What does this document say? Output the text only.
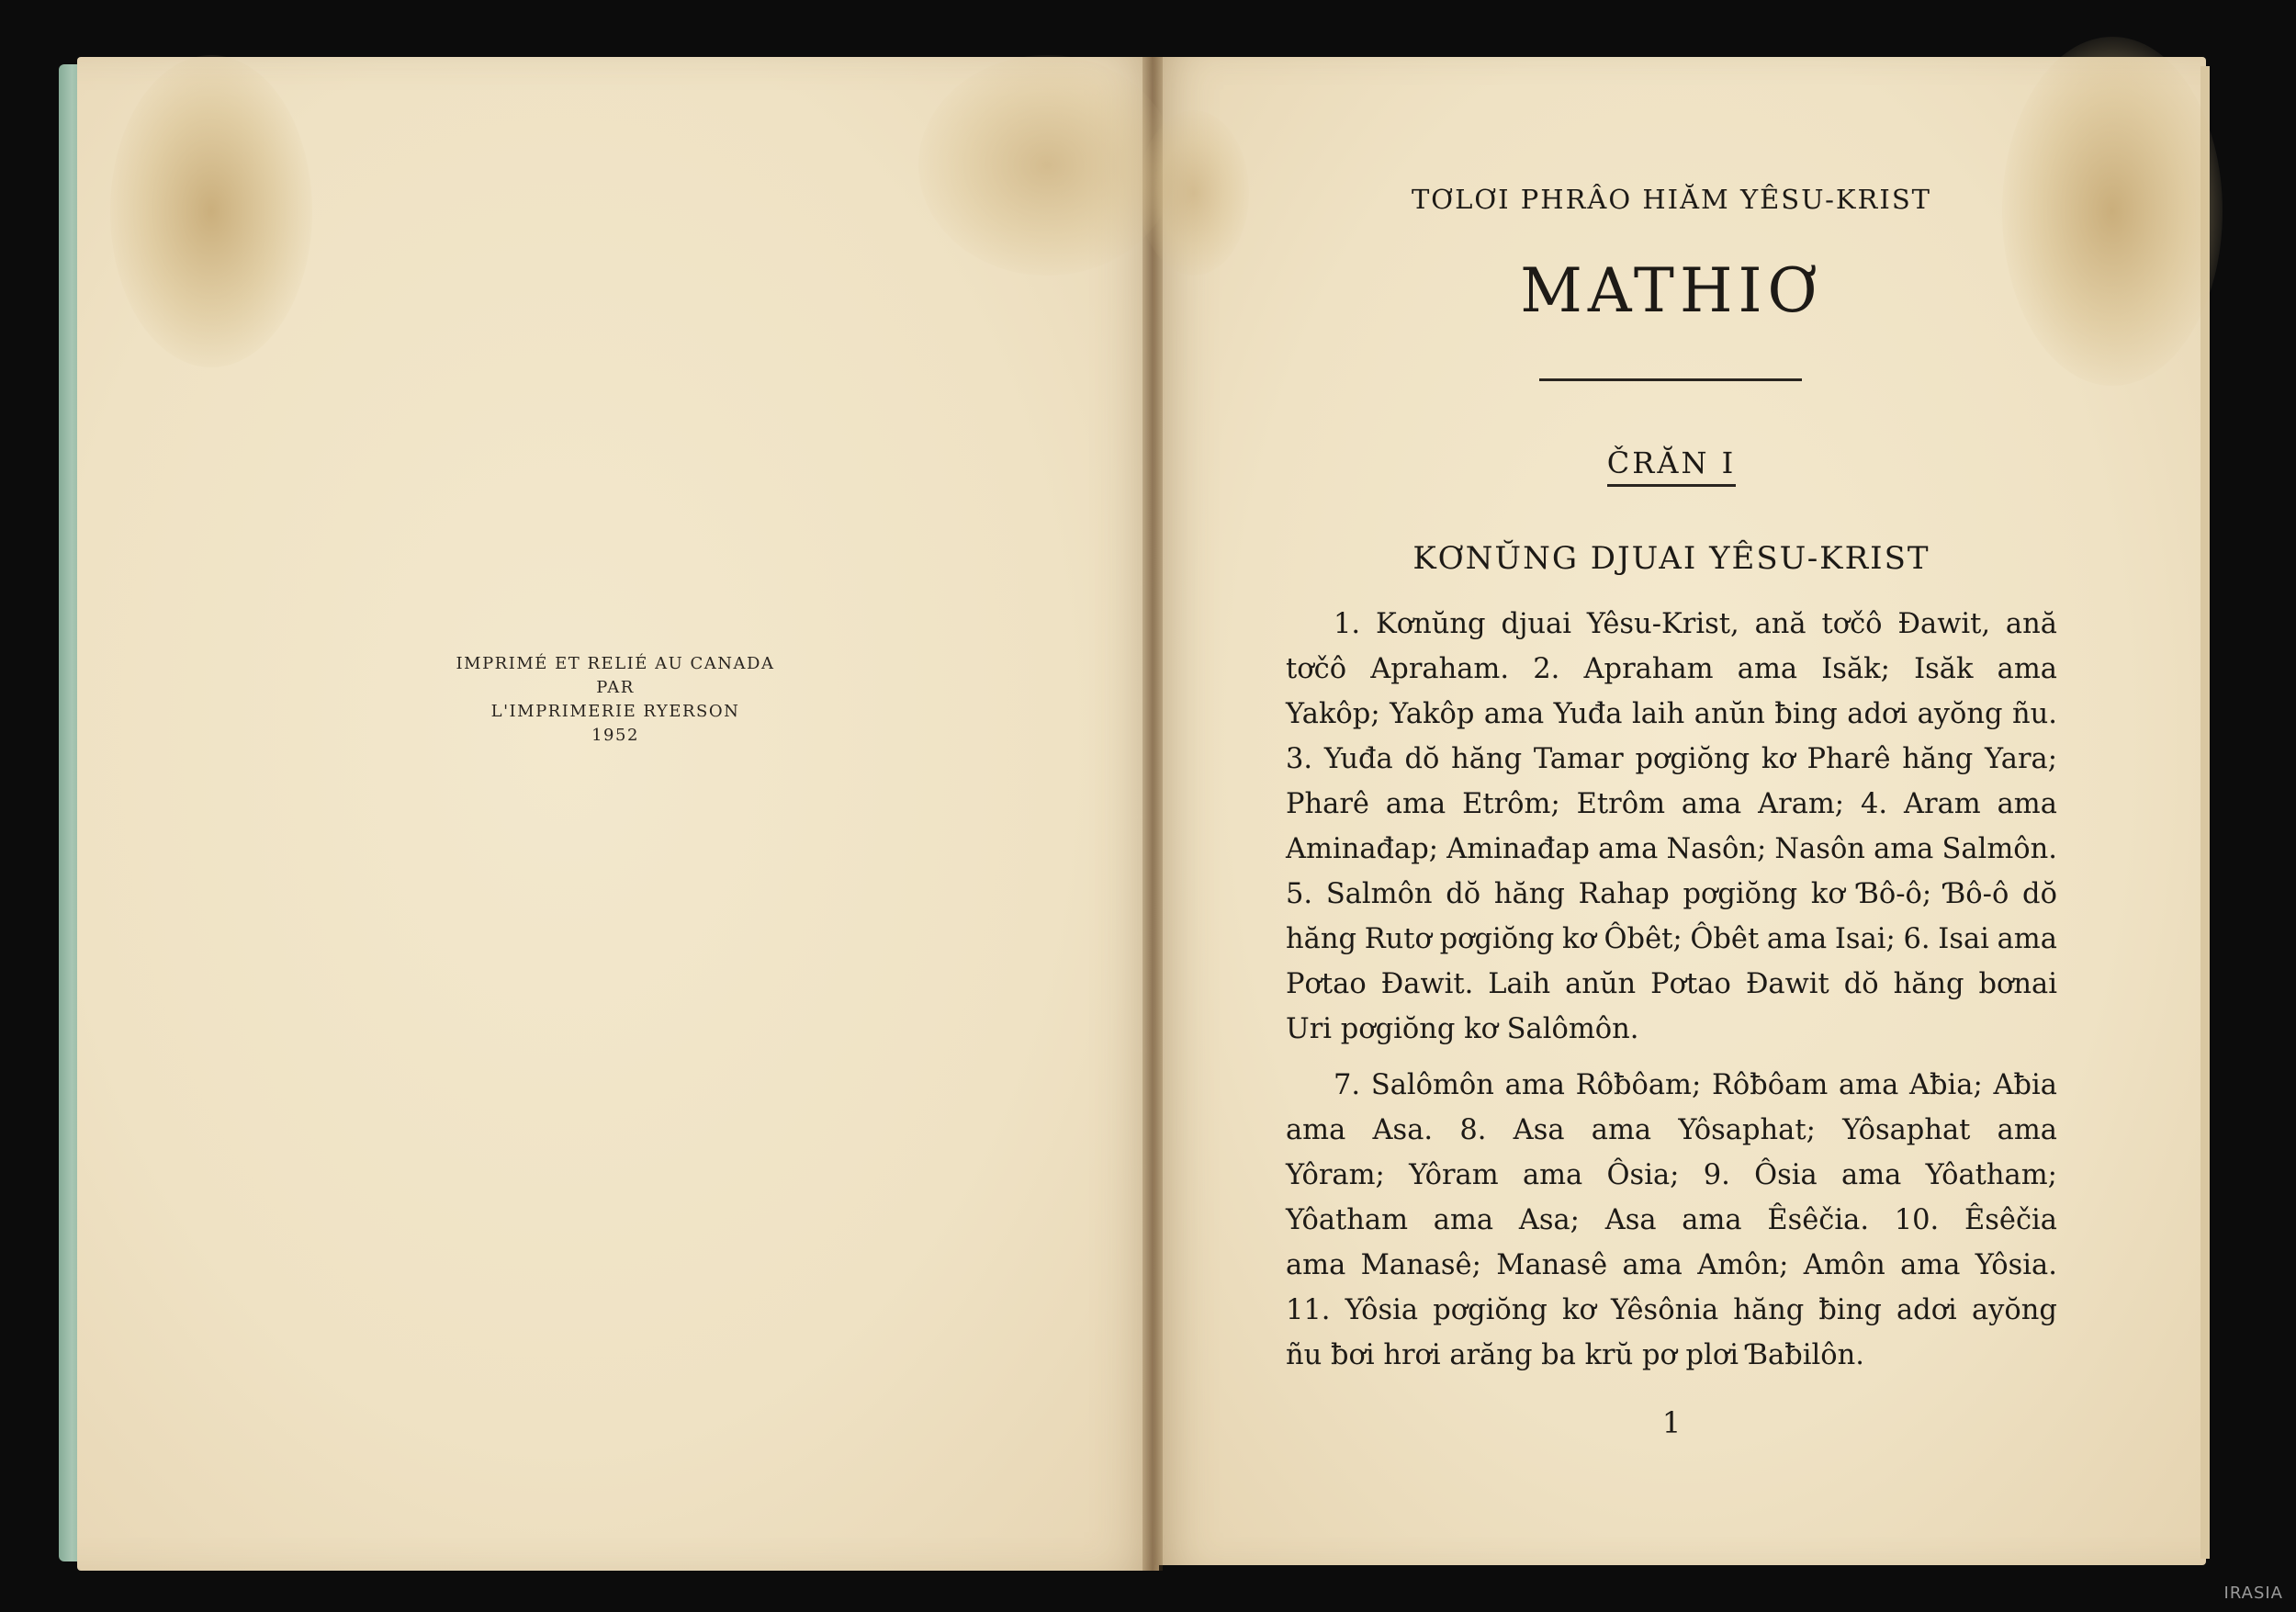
IMPRIMÉ ET RELIÉ AU CANADA
PAR
L'IMPRIMERIE RYERSON
1952
TƠLƠI PHRÂO HIĂM YÊSU-KRIST
MATHIƠ
ČRĂN I
KƠNŬNG DJUAI YÊSU-KRIST
1. Kơnŭng djuai Yêsu-Krist, ană tơčô Đawit, ană
tơčô Apraham. 2. Apraham ama Isăk; Isăk ama
Yakôp; Yakôp ama Yuđa laih anŭn ƀing adơi ayŏng ñu.
3. Yuđa dŏ hăng Tamar pơgiŏng kơ Pharê hăng Yara;
Pharê ama Etrôm; Etrôm ama Aram; 4. Aram ama
Aminađap; Aminađap ama Nasôn; Nasôn ama Salmôn.
5. Salmôn dŏ hăng Rahap pơgiŏng kơ Ɓô-ô; Ɓô-ô dŏ
hăng Rutơ pơgiŏng kơ Ôbêt; Ôbêt ama Isai; 6. Isai ama
Pơtao Đawit. Laih anŭn Pơtao Đawit dŏ hăng bơnai
Uri pơgiŏng kơ Salômôn.
7. Salômôn ama Rôƀôam; Rôƀôam ama Aƀia; Aƀia
ama Asa. 8. Asa ama Yôsaphat; Yôsaphat ama
Yôram; Yôram ama Ôsia; 9. Ôsia ama Yôatham;
Yôatham ama Asa; Asa ama Êsêčia. 10. Êsêčia
ama Manasê; Manasê ama Amôn; Amôn ama Yôsia.
11. Yôsia pơgiŏng kơ Yêsônia hăng ƀing adơi ayŏng
ñu ƀơi hrơi arăng ba krŭ pơ plơi Ɓaƀilôn.
1
IRASIA
